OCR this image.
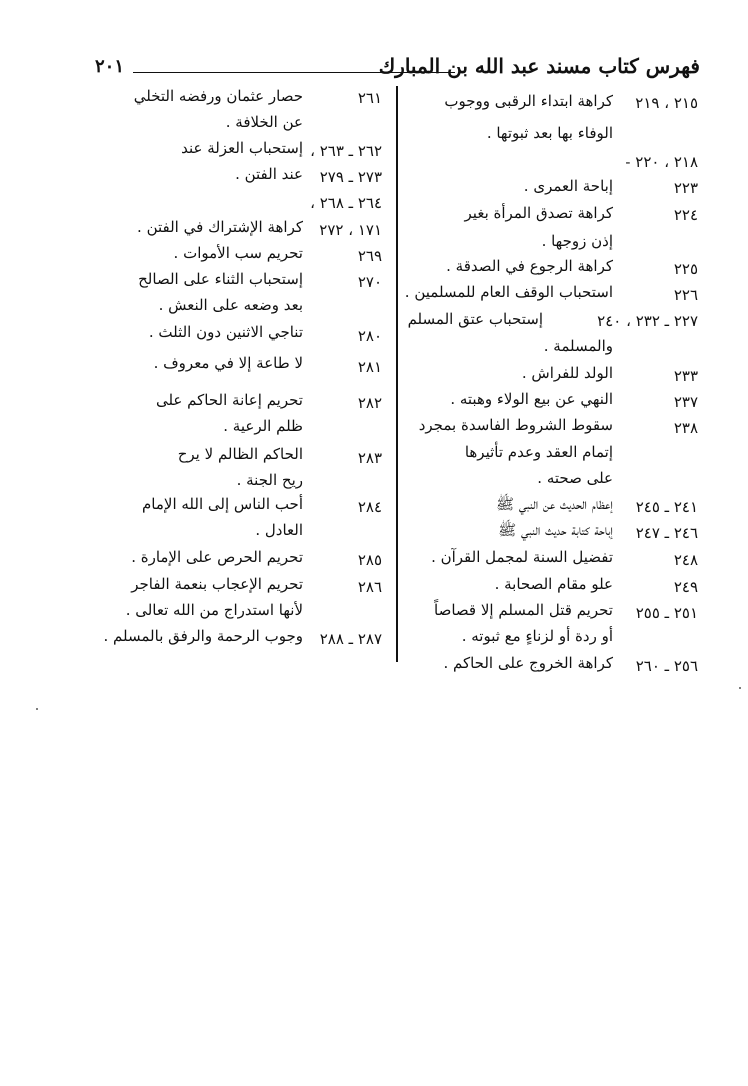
٢٠١	فهرس كتاب مسند عبد الله بن المبارك
٢١٥ ، ٢١٩
كراهة ابتداء الرقبى ووجوب
الوفاء بها بعد ثبوتها .
٢١٨ ، ٢٢٠ -
٢٢٣
إباحة العمرى .
٢٢٤
كراهة تصدق المرأة بغير
إذن زوجها .
٢٢٥
كراهة الرجوع في الصدقة .
٢٢٦
استحباب الوقف العام للمسلمين .
٢٢٧ ـ ٢٣٢ ، ٢٤٠
إستحباب عتق المسلم
والمسلمة .
٢٣٣
الولد للفراش .
٢٣٧
النهي عن بيع الولاء وهبته .
٢٣٨
سقوط الشروط الفاسدة بمجرد
إتمام العقد وعدم تأثيرها
على صحته .
٢٤١ ـ ٢٤٥
إعظام الحديث عن النبي ﷺ
٢٤٦ ـ ٢٤٧
إباحة كتابة حديث النبي ﷺ
٢٤٨
تفضيل السنة لمجمل القرآن .
٢٤٩
علو مقام الصحابة .
٢٥١ ـ ٢٥٥
تحريم قتل المسلم إلا قصاصاً
أو ردة أو لزناءٍ مع ثبوته .
٢٥٦ ـ ٢٦٠
كراهة الخروج على الحاكم .
٢٦١
حصار عثمان ورفضه التخلي
عن الخلافة .
٢٦٢ ـ ٢٦٣ ،
إستحباب العزلة عند
٢٧٣ ـ ٢٧٩
عند الفتن .
٢٦٤ ـ ٢٦٨ ،
١٧١ ، ٢٧٢
كراهة الإشتراك في الفتن .
٢٦٩
تحريم سب الأموات .
٢٧٠
إستحباب الثناء على الصالح
بعد وضعه على النعش .
٢٨٠
تناجي الاثنين دون الثلث .
٢٨١
لا طاعة إلا في معروف .
٢٨٢
تحريم إعانة الحاكم على
ظلم الرعية .
٢٨٣
الحاكم الظالم لا يرح
ريح الجنة .
٢٨٤
أحب الناس إلى الله الإمام
العادل .
٢٨٥
تحريم الحرص على الإمارة .
٢٨٦
تحريم الإعجاب بنعمة الفاجر
لأنها استدراج من الله تعالى .
٢٨٧ ـ ٢٨٨
وجوب الرحمة والرفق بالمسلم .
